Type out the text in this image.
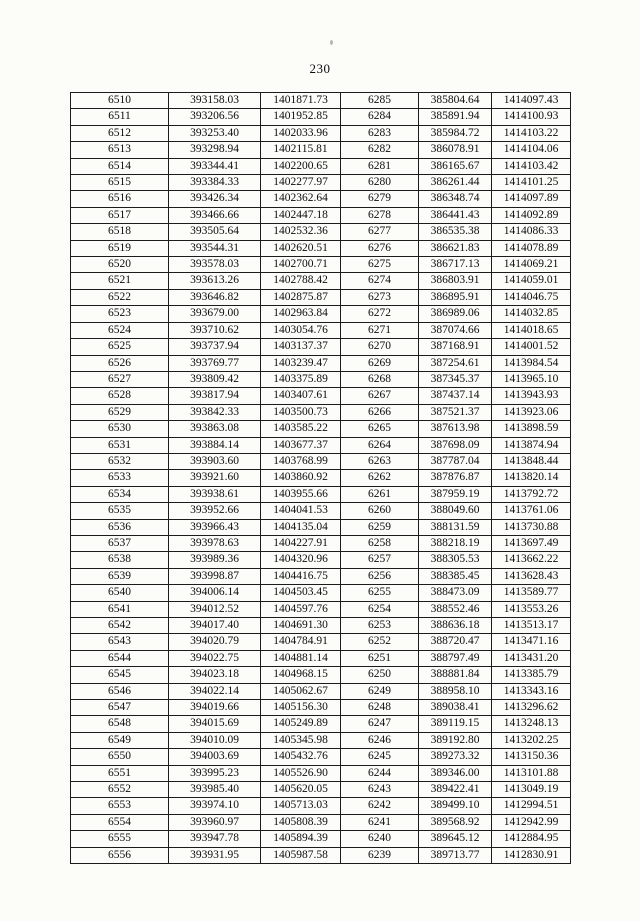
230
6510	393158.03	1401871.73	6285	385804.64	1414097.43
6511	393206.56	1401952.85	6284	385891.94	1414100.93
6512	393253.40	1402033.96	6283	385984.72	1414103.22
6513	393298.94	1402115.81	6282	386078.91	1414104.06
6514	393344.41	1402200.65	6281	386165.67	1414103.42
6515	393384.33	1402277.97	6280	386261.44	1414101.25
6516	393426.34	1402362.64	6279	386348.74	1414097.89
6517	393466.66	1402447.18	6278	386441.43	1414092.89
6518	393505.64	1402532.36	6277	386535.38	1414086.33
6519	393544.31	1402620.51	6276	386621.83	1414078.89
6520	393578.03	1402700.71	6275	386717.13	1414069.21
6521	393613.26	1402788.42	6274	386803.91	1414059.01
6522	393646.82	1402875.87	6273	386895.91	1414046.75
6523	393679.00	1402963.84	6272	386989.06	1414032.85
6524	393710.62	1403054.76	6271	387074.66	1414018.65
6525	393737.94	1403137.37	6270	387168.91	1414001.52
6526	393769.77	1403239.47	6269	387254.61	1413984.54
6527	393809.42	1403375.89	6268	387345.37	1413965.10
6528	393817.94	1403407.61	6267	387437.14	1413943.93
6529	393842.33	1403500.73	6266	387521.37	1413923.06
6530	393863.08	1403585.22	6265	387613.98	1413898.59
6531	393884.14	1403677.37	6264	387698.09	1413874.94
6532	393903.60	1403768.99	6263	387787.04	1413848.44
6533	393921.60	1403860.92	6262	387876.87	1413820.14
6534	393938.61	1403955.66	6261	387959.19	1413792.72
6535	393952.66	1404041.53	6260	388049.60	1413761.06
6536	393966.43	1404135.04	6259	388131.59	1413730.88
6537	393978.63	1404227.91	6258	388218.19	1413697.49
6538	393989.36	1404320.96	6257	388305.53	1413662.22
6539	393998.87	1404416.75	6256	388385.45	1413628.43
6540	394006.14	1404503.45	6255	388473.09	1413589.77
6541	394012.52	1404597.76	6254	388552.46	1413553.26
6542	394017.40	1404691.30	6253	388636.18	1413513.17
6543	394020.79	1404784.91	6252	388720.47	1413471.16
6544	394022.75	1404881.14	6251	388797.49	1413431.20
6545	394023.18	1404968.15	6250	388881.84	1413385.79
6546	394022.14	1405062.67	6249	388958.10	1413343.16
6547	394019.66	1405156.30	6248	389038.41	1413296.62
6548	394015.69	1405249.89	6247	389119.15	1413248.13
6549	394010.09	1405345.98	6246	389192.80	1413202.25
6550	394003.69	1405432.76	6245	389273.32	1413150.36
6551	393995.23	1405526.90	6244	389346.00	1413101.88
6552	393985.40	1405620.05	6243	389422.41	1413049.19
6553	393974.10	1405713.03	6242	389499.10	1412994.51
6554	393960.97	1405808.39	6241	389568.92	1412942.99
6555	393947.78	1405894.39	6240	389645.12	1412884.95
6556	393931.95	1405987.58	6239	389713.77	1412830.91
